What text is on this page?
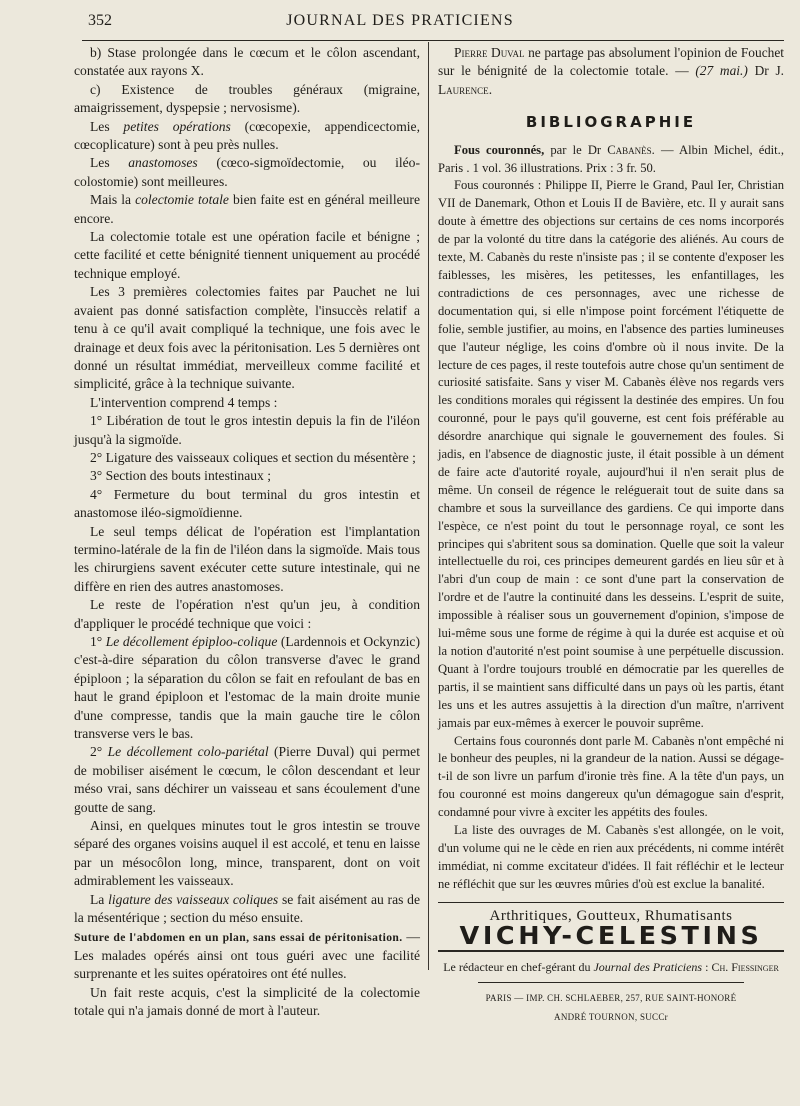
352	JOURNAL DES PRATICIENS

b) Stase prolongée dans le cœcum et le côlon ascendant, constatée aux rayons X.

c) Existence de troubles généraux (migraine, amaigrissement, dyspepsie ; nervosisme).

Les petites opérations (cœcopexie, appendicectomie, cœcoplicature) sont à peu près nulles.

Les anastomoses (cœco-sigmoïdectomie, ou iléo-colostomie) sont meilleures.

Mais la colectomie totale bien faite est en général meilleure encore.

La colectomie totale est une opération facile et bénigne ; cette facilité et cette bénignité tiennent uniquement au procédé technique employé.

Les 3 premières colectomies faites par Pauchet ne lui avaient pas donné satisfaction complète, l'insuccès relatif a tenu à ce qu'il avait compliqué la technique, une fois avec le drainage et deux fois avec la péritonisation. Les 5 dernières ont donné un résultat immédiat, merveilleux comme facilité et simplicité, grâce à la technique suivante.

L'intervention comprend 4 temps :

1° Libération de tout le gros intestin depuis la fin de l'iléon jusqu'à la sigmoïde.

2° Ligature des vaisseaux coliques et section du mésentère ;

3° Section des bouts intestinaux ;

4° Fermeture du bout terminal du gros intestin et anastomose iléo-sigmoïdienne.

Le seul temps délicat de l'opération est l'implantation termino-latérale de la fin de l'iléon dans la sigmoïde. Mais tous les chirurgiens savent exécuter cette suture intestinale, qui ne diffère en rien des autres anastomoses.

Le reste de l'opération n'est qu'un jeu, à condition d'appliquer le procédé technique que voici :

1° Le décollement épiploo-colique (Lardennois et Ockynzic) c'est-à-dire séparation du côlon transverse d'avec le grand épiploon ; la séparation du côlon se fait en refoulant de bas en haut le grand épiploon et l'estomac de la main droite munie d'une compresse, tandis que la main gauche tire le côlon transverse vers le bas.

2° Le décollement colo-pariétal (Pierre Duval) qui permet de mobiliser aisément le cœcum, le côlon descendant et leur méso vrai, sans déchirer un vaisseau et sans écoulement d'une goutte de sang.

Ainsi, en quelques minutes tout le gros intestin se trouve séparé des organes voisins auquel il est accolé, et tenu en laisse par un mésocôlon long, mince, transparent, dont on voit admirablement les vaisseaux.

La ligature des vaisseaux coliques se fait aisément au ras de la mésentérique ; section du méso ensuite.

Suture de l'abdomen en un plan, sans essai de péritonisation. — Les malades opérés ainsi ont tous guéri avec une facilité surprenante et les suites opératoires ont été nulles.

Un fait reste acquis, c'est la simplicité de la colectomie totale qui n'a jamais donné de mort à l'auteur.

Pierre Duval ne partage pas absolument l'opinion de Fouchet sur le bénignité de la colectomie totale. — (27 mai.) Dr J. Laurence.

BIBLIOGRAPHIE

Fous couronnés, par le Dr Cabanès. — Albin Michel, édit., Paris . 1 vol. 36 illustrations. Prix : 3 fr. 50.

Fous couronnés : Philippe II, Pierre le Grand, Paul Ier, Christian VII de Danemark, Othon et Louis II de Bavière, etc. Il y aurait sans doute à émettre des objections sur certains de ces noms incorporés de par la volonté du titre dans la catégorie des aliénés. Au cours de texte, M. Cabanès du reste n'insiste pas ; il se contente d'exposer les faiblesses, les misères, les petitesses, les enfantillages, les contradictions de ces personnages, avec une richesse de documentation qui, si elle n'impose point forcément l'étiquette de folie, semble justifier, au moins, en l'absence des parties lumineuses que l'auteur néglige, les coins d'ombre où il nous invite. De la lecture de ces pages, il reste toutefois autre chose qu'un sentiment de curiosité satisfaite. Sans y viser M. Cabanès élève nos regards vers les conditions morales qui régissent la destinée des empires. Un fou couronné, pour le pays qu'il gouverne, est cent fois préférable au désordre anarchique qui signale le gouvernement des foules. Si jadis, en l'absence de diagnostic juste, il était possible à un dément de faire acte d'autorité royale, aujourd'hui il n'en serait plus de même. Un conseil de régence le reléguerait tout de suite dans sa chambre et sous la surveillance des gardiens. Ce qui importe dans l'espèce, ce n'est point du tout le personnage royal, ce sont les principes qui s'abritent sous sa domination. Quelle que soit la valeur intellectuelle du roi, ces principes demeurent gardés en lieu sûr et à l'abri d'un coup de main : ce sont d'une part la conservation de l'ordre et de l'autre la continuité dans les desseins. L'esprit de suite, impossible à réaliser sous un gouvernement d'opinion, s'impose de lui-même sous une forme de régime à qui la durée est acquise et où la notion d'autorité n'est point soumise à une perpétuelle discussion. Quant à l'ordre toujours troublé en démocratie par les querelles de partis, il se maintient sans difficulté dans un pays où les partis, étant les uns et les autres assujettis à la direction d'un maître, n'arrivent jamais par eux-mêmes à exercer le pouvoir suprême.

Certains fous couronnés dont parle M. Cabanès n'ont empêché ni le bonheur des peuples, ni la grandeur de la nation. Aussi se dégage-t-il de son livre un parfum d'ironie très fine. A la tête d'un pays, un fou couronné est moins dangereux qu'un démagogue sain d'esprit, condamné pour vivre à exciter les appétits des foules.

La liste des ouvrages de M. Cabanès s'est allongée, on le voit, d'un volume qui ne le cède en rien aux précédents, ni comme intérêt immédiat, ni comme excitateur d'idées. Il fait réfléchir et le lecteur ne réfléchit que sur les œuvres mûries d'où est exclue la banalité.

Arthritiques, Goutteux, Rhumatisants
VICHY-CELESTINS
Le rédacteur en chef-gérant du Journal des Praticiens : Ch. Fiessinger
PARIS — IMP. CH. SCHLAEBER, 257, RUE SAINT-HONORÉ
ANDRÉ TOURNON, SUCCr
